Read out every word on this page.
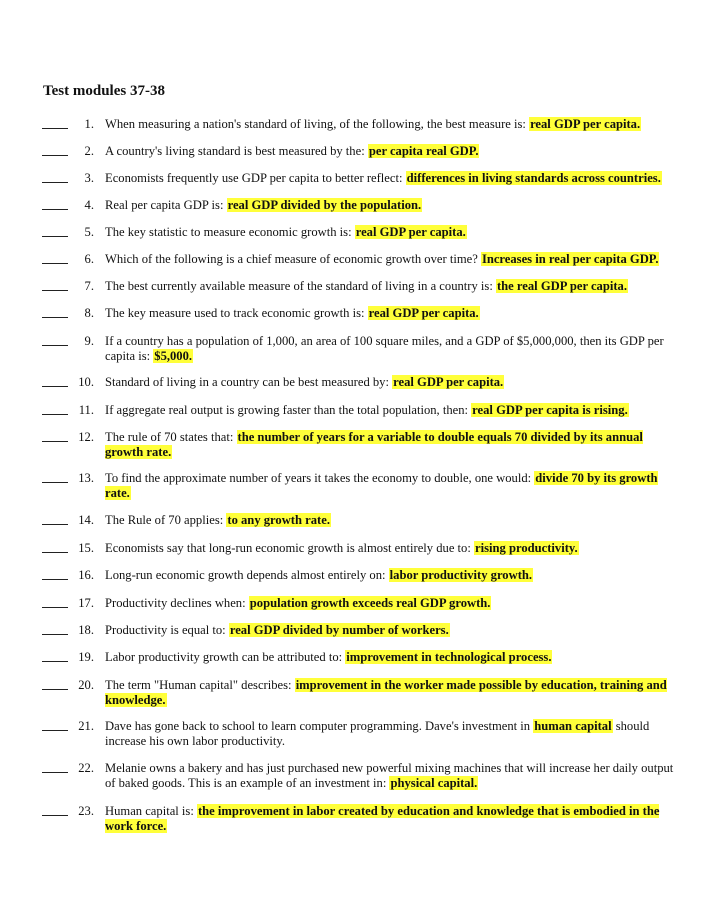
Test modules 37-38
1. When measuring a nation's standard of living, of the following, the best measure is: real GDP per capita.
2. A country's living standard is best measured by the: per capita real GDP.
3. Economists frequently use GDP per capita to better reflect: differences in living standards across countries.
4. Real per capita GDP is: real GDP divided by the population.
5. The key statistic to measure economic growth is: real GDP per capita.
6. Which of the following is a chief measure of economic growth over time? Increases in real per capita GDP.
7. The best currently available measure of the standard of living in a country is: the real GDP per capita.
8. The key measure used to track economic growth is: real GDP per capita.
9. If a country has a population of 1,000, an area of 100 square miles, and a GDP of $5,000,000, then its GDP per capita is: $5,000.
10. Standard of living in a country can be best measured by: real GDP per capita.
11. If aggregate real output is growing faster than the total population, then: real GDP per capita is rising.
12. The rule of 70 states that: the number of years for a variable to double equals 70 divided by its annual growth rate.
13. To find the approximate number of years it takes the economy to double, one would: divide 70 by its growth rate.
14. The Rule of 70 applies: to any growth rate.
15. Economists say that long-run economic growth is almost entirely due to: rising productivity.
16. Long-run economic growth depends almost entirely on: labor productivity growth.
17. Productivity declines when: population growth exceeds real GDP growth.
18. Productivity is equal to: real GDP divided by number of workers.
19. Labor productivity growth can be attributed to: improvement in technological process.
20. The term "Human capital" describes: improvement in the worker made possible by education, training and knowledge.
21. Dave has gone back to school to learn computer programming. Dave's investment in human capital should increase his own labor productivity.
22. Melanie owns a bakery and has just purchased new powerful mixing machines that will increase her daily output of baked goods. This is an example of an investment in: physical capital.
23. Human capital is: the improvement in labor created by education and knowledge that is embodied in the work force.
